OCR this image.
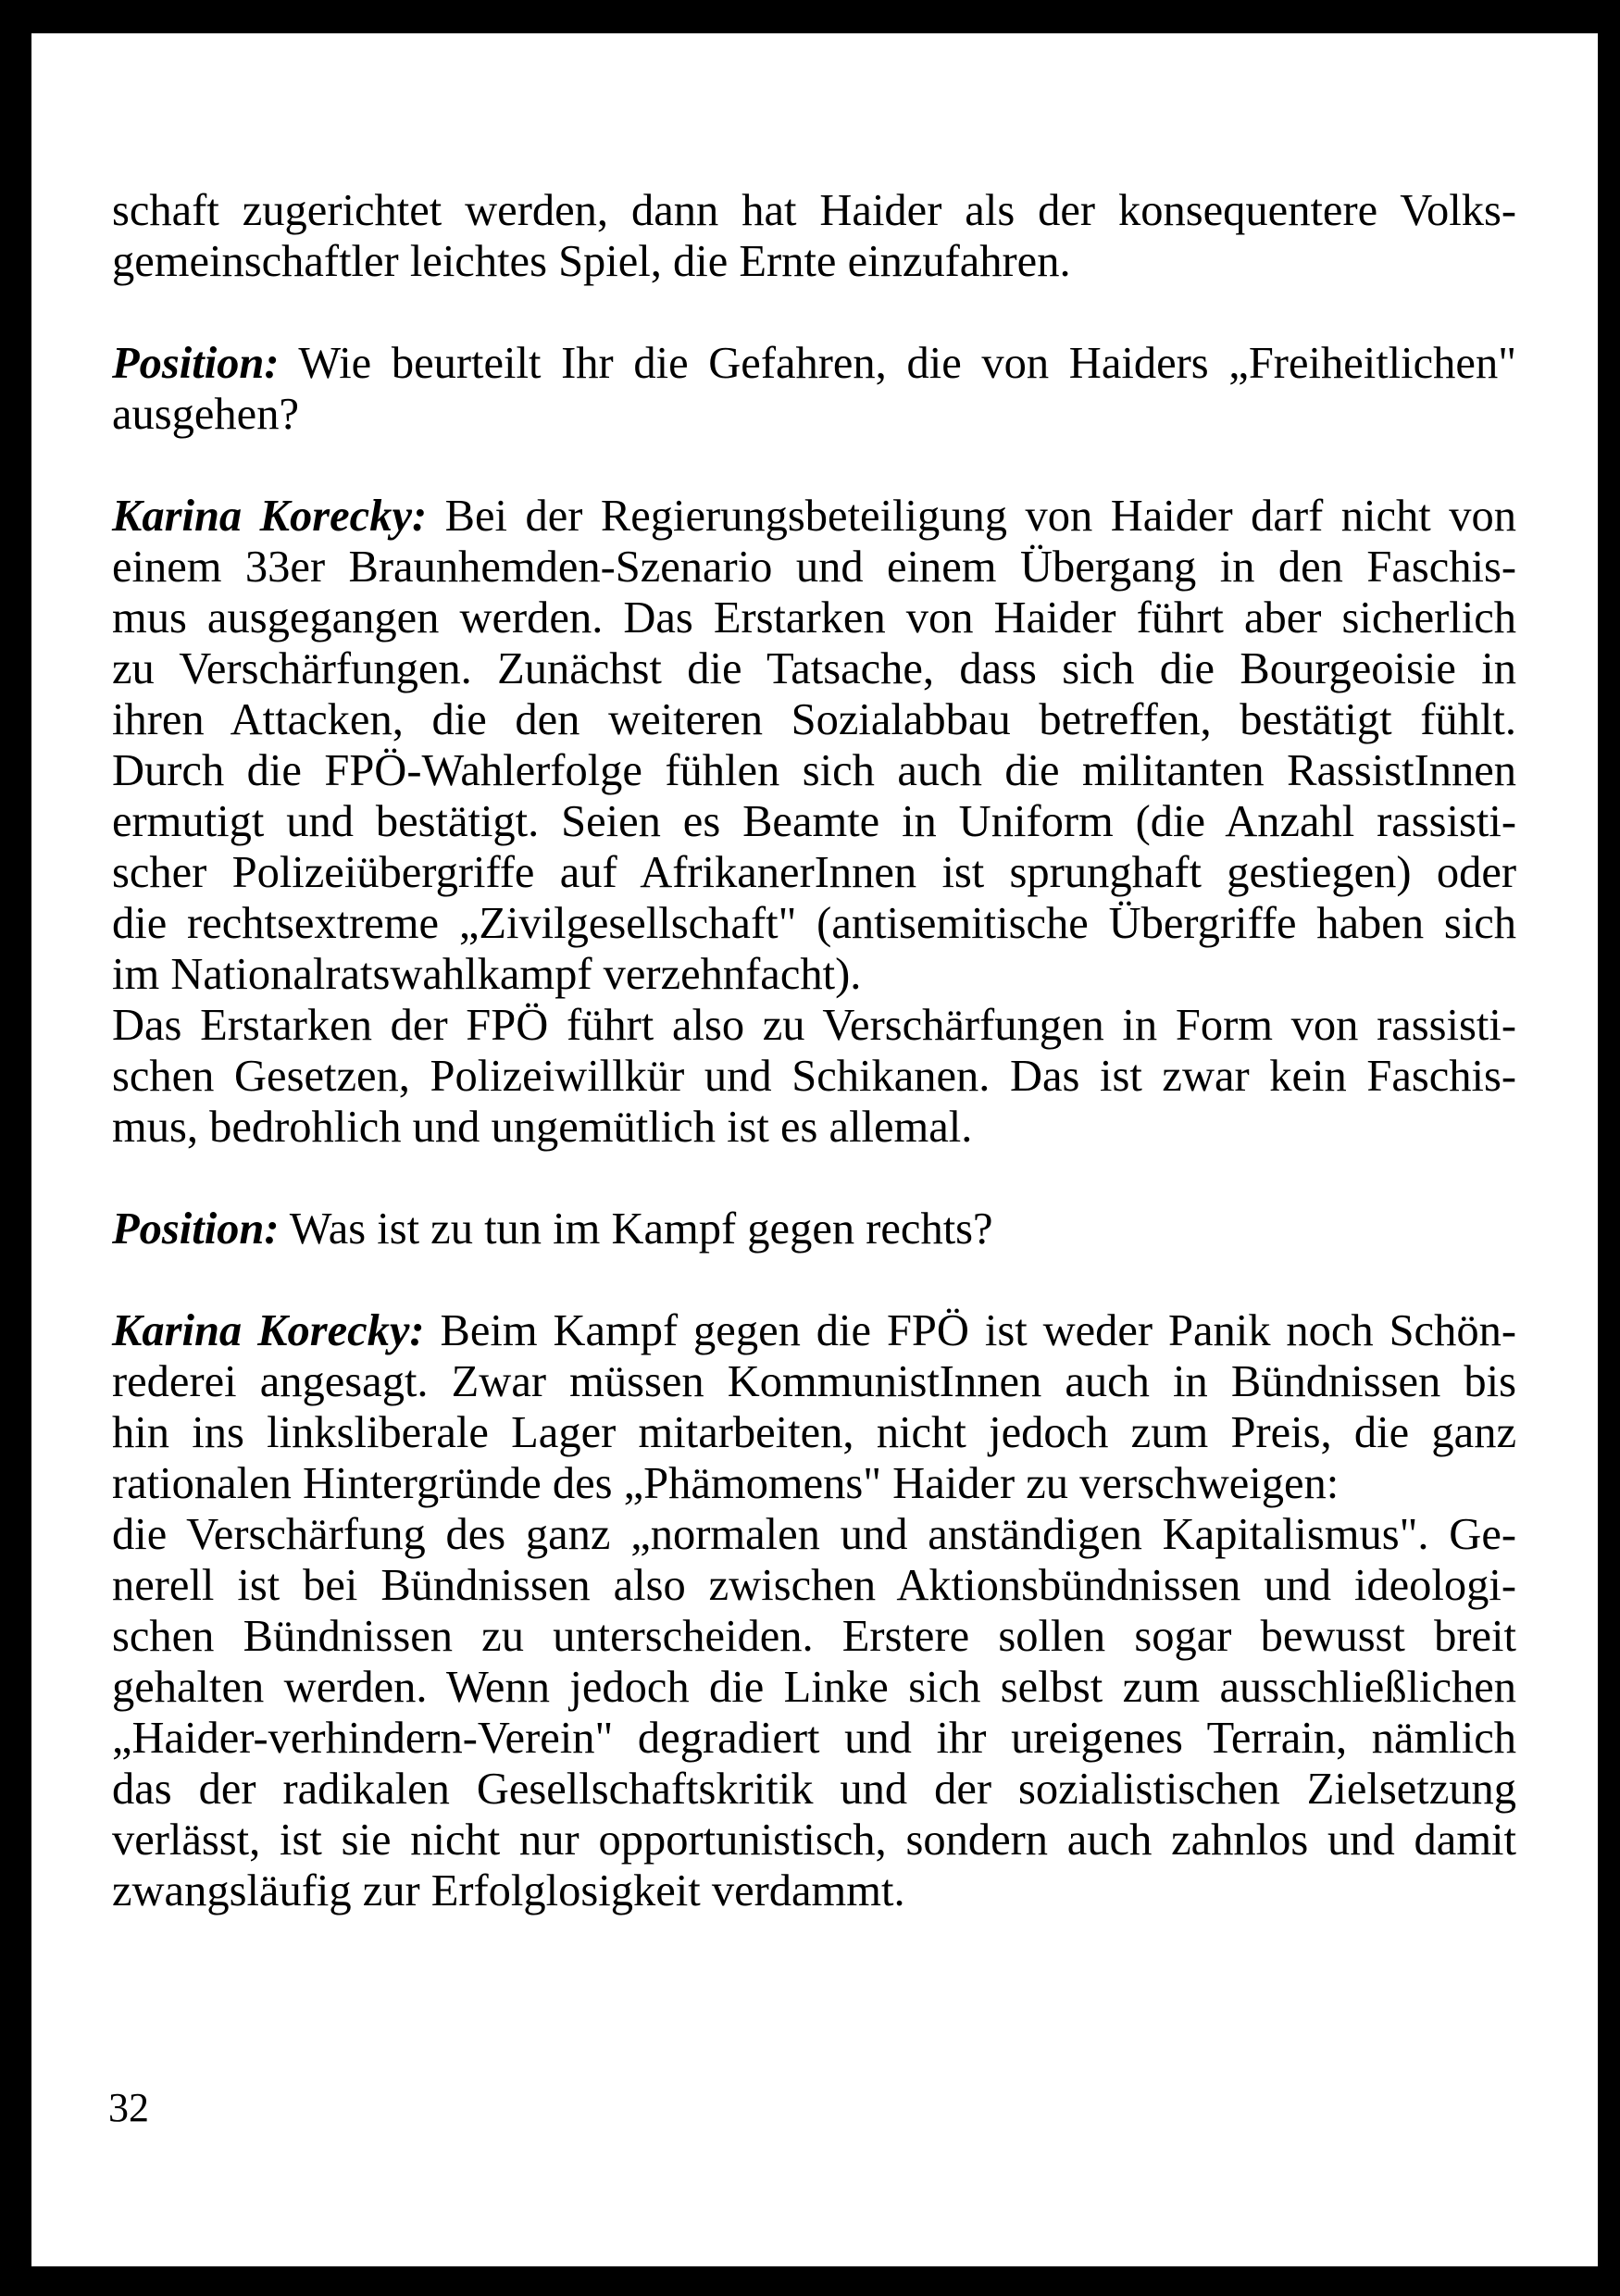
schaft zugerichtet werden, dann hat Haider als der konsequentere Volks-
gemeinschaftler leichtes Spiel, die Ernte einzufahren.
Position: Wie beurteilt Ihr die Gefahren, die von Haiders „Freiheitlichen"
ausgehen?
Karina Korecky: Bei der Regierungsbeteiligung von Haider darf nicht von
einem 33er Braunhemden-Szenario und einem Übergang in den Faschis-
mus ausgegangen werden. Das Erstarken von Haider führt aber sicherlich
zu Verschärfungen. Zunächst die Tatsache, dass sich die Bourgeoisie in
ihren Attacken, die den weiteren Sozialabbau betreffen, bestätigt fühlt.
Durch die FPÖ-Wahlerfolge fühlen sich auch die militanten RassistInnen
ermutigt und bestätigt. Seien es Beamte in Uniform (die Anzahl rassisti-
scher Polizeiübergriffe auf AfrikanerInnen ist sprunghaft gestiegen) oder
die rechtsextreme „Zivilgesellschaft" (antisemitische Übergriffe haben sich
im Nationalratswahlkampf verzehnfacht).
Das Erstarken der FPÖ führt also zu Verschärfungen in Form von rassisti-
schen Gesetzen, Polizeiwillkür und Schikanen. Das ist zwar kein Faschis-
mus, bedrohlich und ungemütlich ist es allemal.
Position: Was ist zu tun im Kampf gegen rechts?
Karina Korecky: Beim Kampf gegen die FPÖ ist weder Panik noch Schön-
rederei angesagt. Zwar müssen KommunistInnen auch in Bündnissen bis
hin ins linksliberale Lager mitarbeiten, nicht jedoch zum Preis, die ganz
rationalen Hintergründe des „Phämomens" Haider zu verschweigen:
die Verschärfung des ganz „normalen und anständigen Kapitalismus". Ge-
nerell ist bei Bündnissen also zwischen Aktionsbündnissen und ideologi-
schen Bündnissen zu unterscheiden. Erstere sollen sogar bewusst breit
gehalten werden. Wenn jedoch die Linke sich selbst zum ausschließlichen
„Haider-verhindern-Verein" degradiert und ihr ureigenes Terrain, nämlich
das der radikalen Gesellschaftskritik und der sozialistischen Zielsetzung
verlässt, ist sie nicht nur opportunistisch, sondern auch zahnlos und damit
zwangsläufig zur Erfolglosigkeit verdammt.
32
